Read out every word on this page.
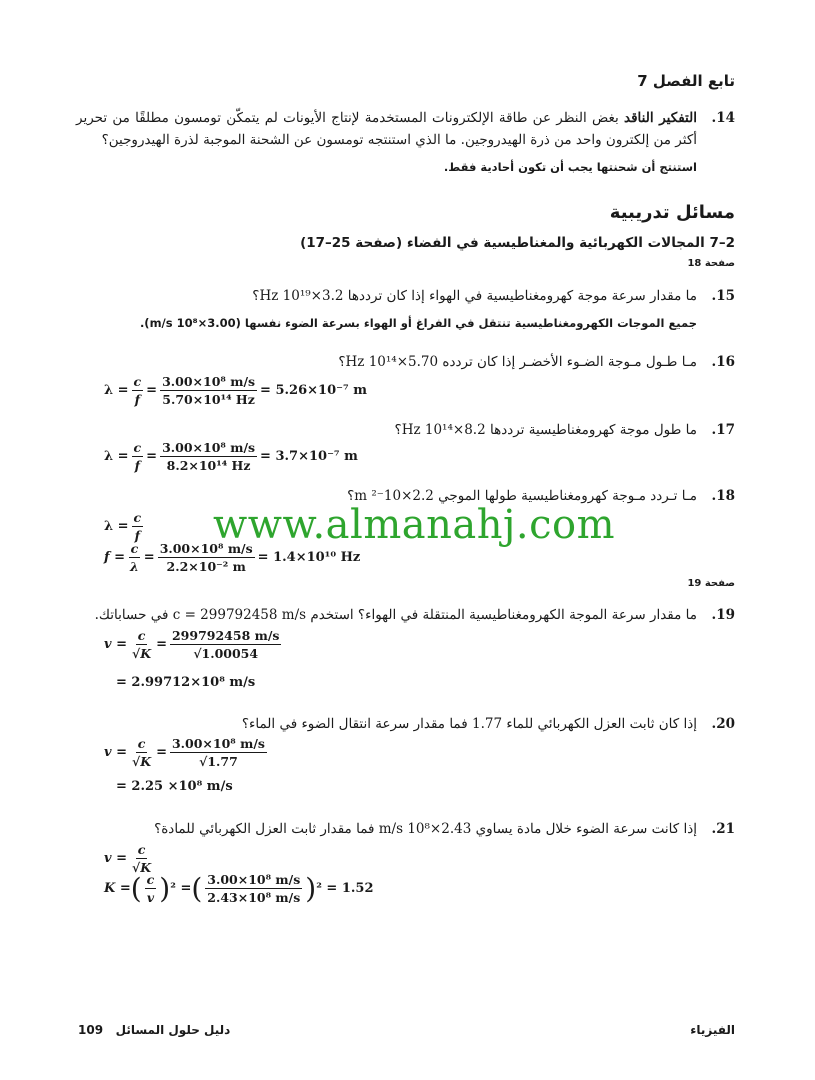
تابع الفصل 7
.14
التفكير الناقد بغض النظر عن طاقة الإلكترونات المستخدمة لإنتاج الأيونات لم يتمكّن تومسون مطلقًا من تحرير أكثر من إلكترون واحد من ذرة الهيدروجين. ما الذي استنتجه تومسون عن الشحنة الموجبة لذرة الهيدروجين؟
استنتج أن شحنتها يجب أن تكون أحادية فقط.
مسائل تدريبية
2–7 المجالات الكهربائية والمغناطيسية في الفضاء (صفحة 25–17)
صفحة 18
.15
ما مقدار سرعة موجة كهرومغناطيسية في الهواء إذا كان ترددها 3.2×10¹⁹ Hz؟
جميع الموجات الكهرومغناطيسية تنتقل في الفراغ أو الهواء بسرعة الضوء نفسها (3.00×10⁸ m/s).
.16
مـا طـول مـوجة الضـوء الأخضـر إذا كان تردده 5.70×10¹⁴ Hz؟
$\lambda = \frac{c}{f} = \frac{\text{3.00×10⁸ m/s}}{\text{5.70×10¹⁴ Hz}} = 5.26\times 10^{-7}$ m
.17
ما طول موجة كهرومغناطيسية ترددها 8.2×10¹⁴ Hz؟
$\lambda = \frac{c}{f} = \frac{\text{3.00×10⁸ m/s}}{\text{8.2×10¹⁴ Hz}} = 3.7\times 10^{-7}$ m
.18
مـا تـردد مـوجة كهرومغناطيسية طولها الموجي 2.2×10⁻² m؟
$\lambda = \frac{c}{f}$
$f = \frac{c}{\lambda} = \frac{\text{3.00×10⁸ m/s}}{\text{2.2×10⁻² m}} = 1.4\times 10^{10}$ Hz
www.almanahj.com
صفحة 19
.19
ما مقدار سرعة الموجة الكهرومغناطيسية المنتقلة في الهواء؟ استخدم c = 299792458 m/s في حساباتك.
$v = \frac{c}{√K} = \frac{299792458 m/s}{√1.00054}$
= 2.99712×10⁸ m/s
.20
إذا كان ثابت العزل الكهربائي للماء 1.77 فما مقدار سرعة انتقال الضوء في الماء؟
$v = \frac{c}{√K} = \frac{\text{3.00×10⁸ m/s}}{√1.77}$
= 2.25 ×10⁸ m/s
.21
إذا كانت سرعة الضوء خلال مادة يساوي 2.43×10⁸ m/s فما مقدار ثابت العزل الكهربائي للمادة؟
$v = \frac{c}{√K}$
K = ( $\frac{c}{v}$ ) ² = ( $\frac{\text{3.00×10⁸ m/s}}{\text{2.43×10⁸ m/s}}$ ) ² = 1.52
دليل حلول المسائل   109	الفيزياء
